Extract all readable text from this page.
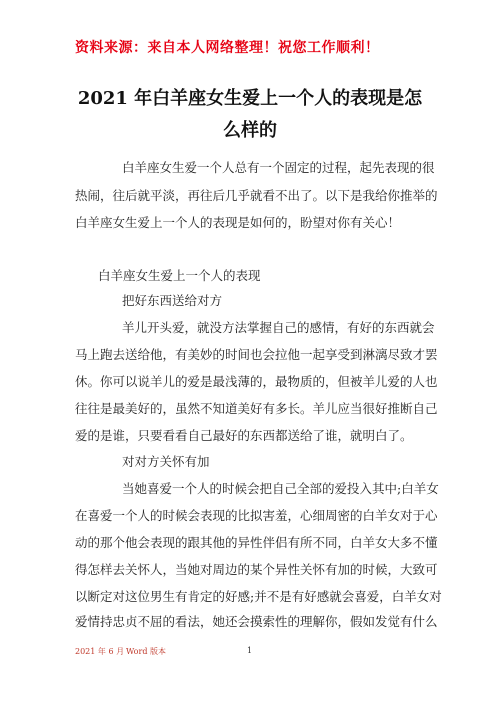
资料来源：来自本人网络整理！祝您工作顺利！
2021 年白羊座女生爱上一个人的表现是怎
么样的
白羊座女生爱一个人总有一个固定的过程，起先表现的很
热闹，往后就平淡，再往后几乎就看不出了。以下是我给你推举的
白羊座女生爱上一个人的表现是如何的，盼望对你有关心！
白羊座女生爱上一个人的表现
把好东西送给对方
羊儿开头爱，就没方法掌握自己的感情，有好的东西就会
马上跑去送给他，有美妙的时间也会拉他一起享受到淋漓尽致才罢
休。你可以说羊儿的爱是最浅薄的，最物质的，但被羊儿爱的人也
往往是最美好的，虽然不知道美好有多长。羊儿应当很好推断自己
爱的是谁，只要看看自己最好的东西都送给了谁，就明白了。
对对方关怀有加
当她喜爱一个人的时候会把自己全部的爱投入其中;白羊女
在喜爱一个人的时候会表现的比拟害羞，心细周密的白羊女对于心
动的那个他会表现的跟其他的异性伴侣有所不同，白羊女大多不懂
得怎样去关怀人，当她对周边的某个异性关怀有加的时候，大致可
以断定对这位男生有肯定的好感;并不是有好感就会喜爱，白羊女对
爱情持忠贞不屈的看法，她还会摸索性的理解你，假如发觉有什么
2021 年 6 月 Word 版本	1
